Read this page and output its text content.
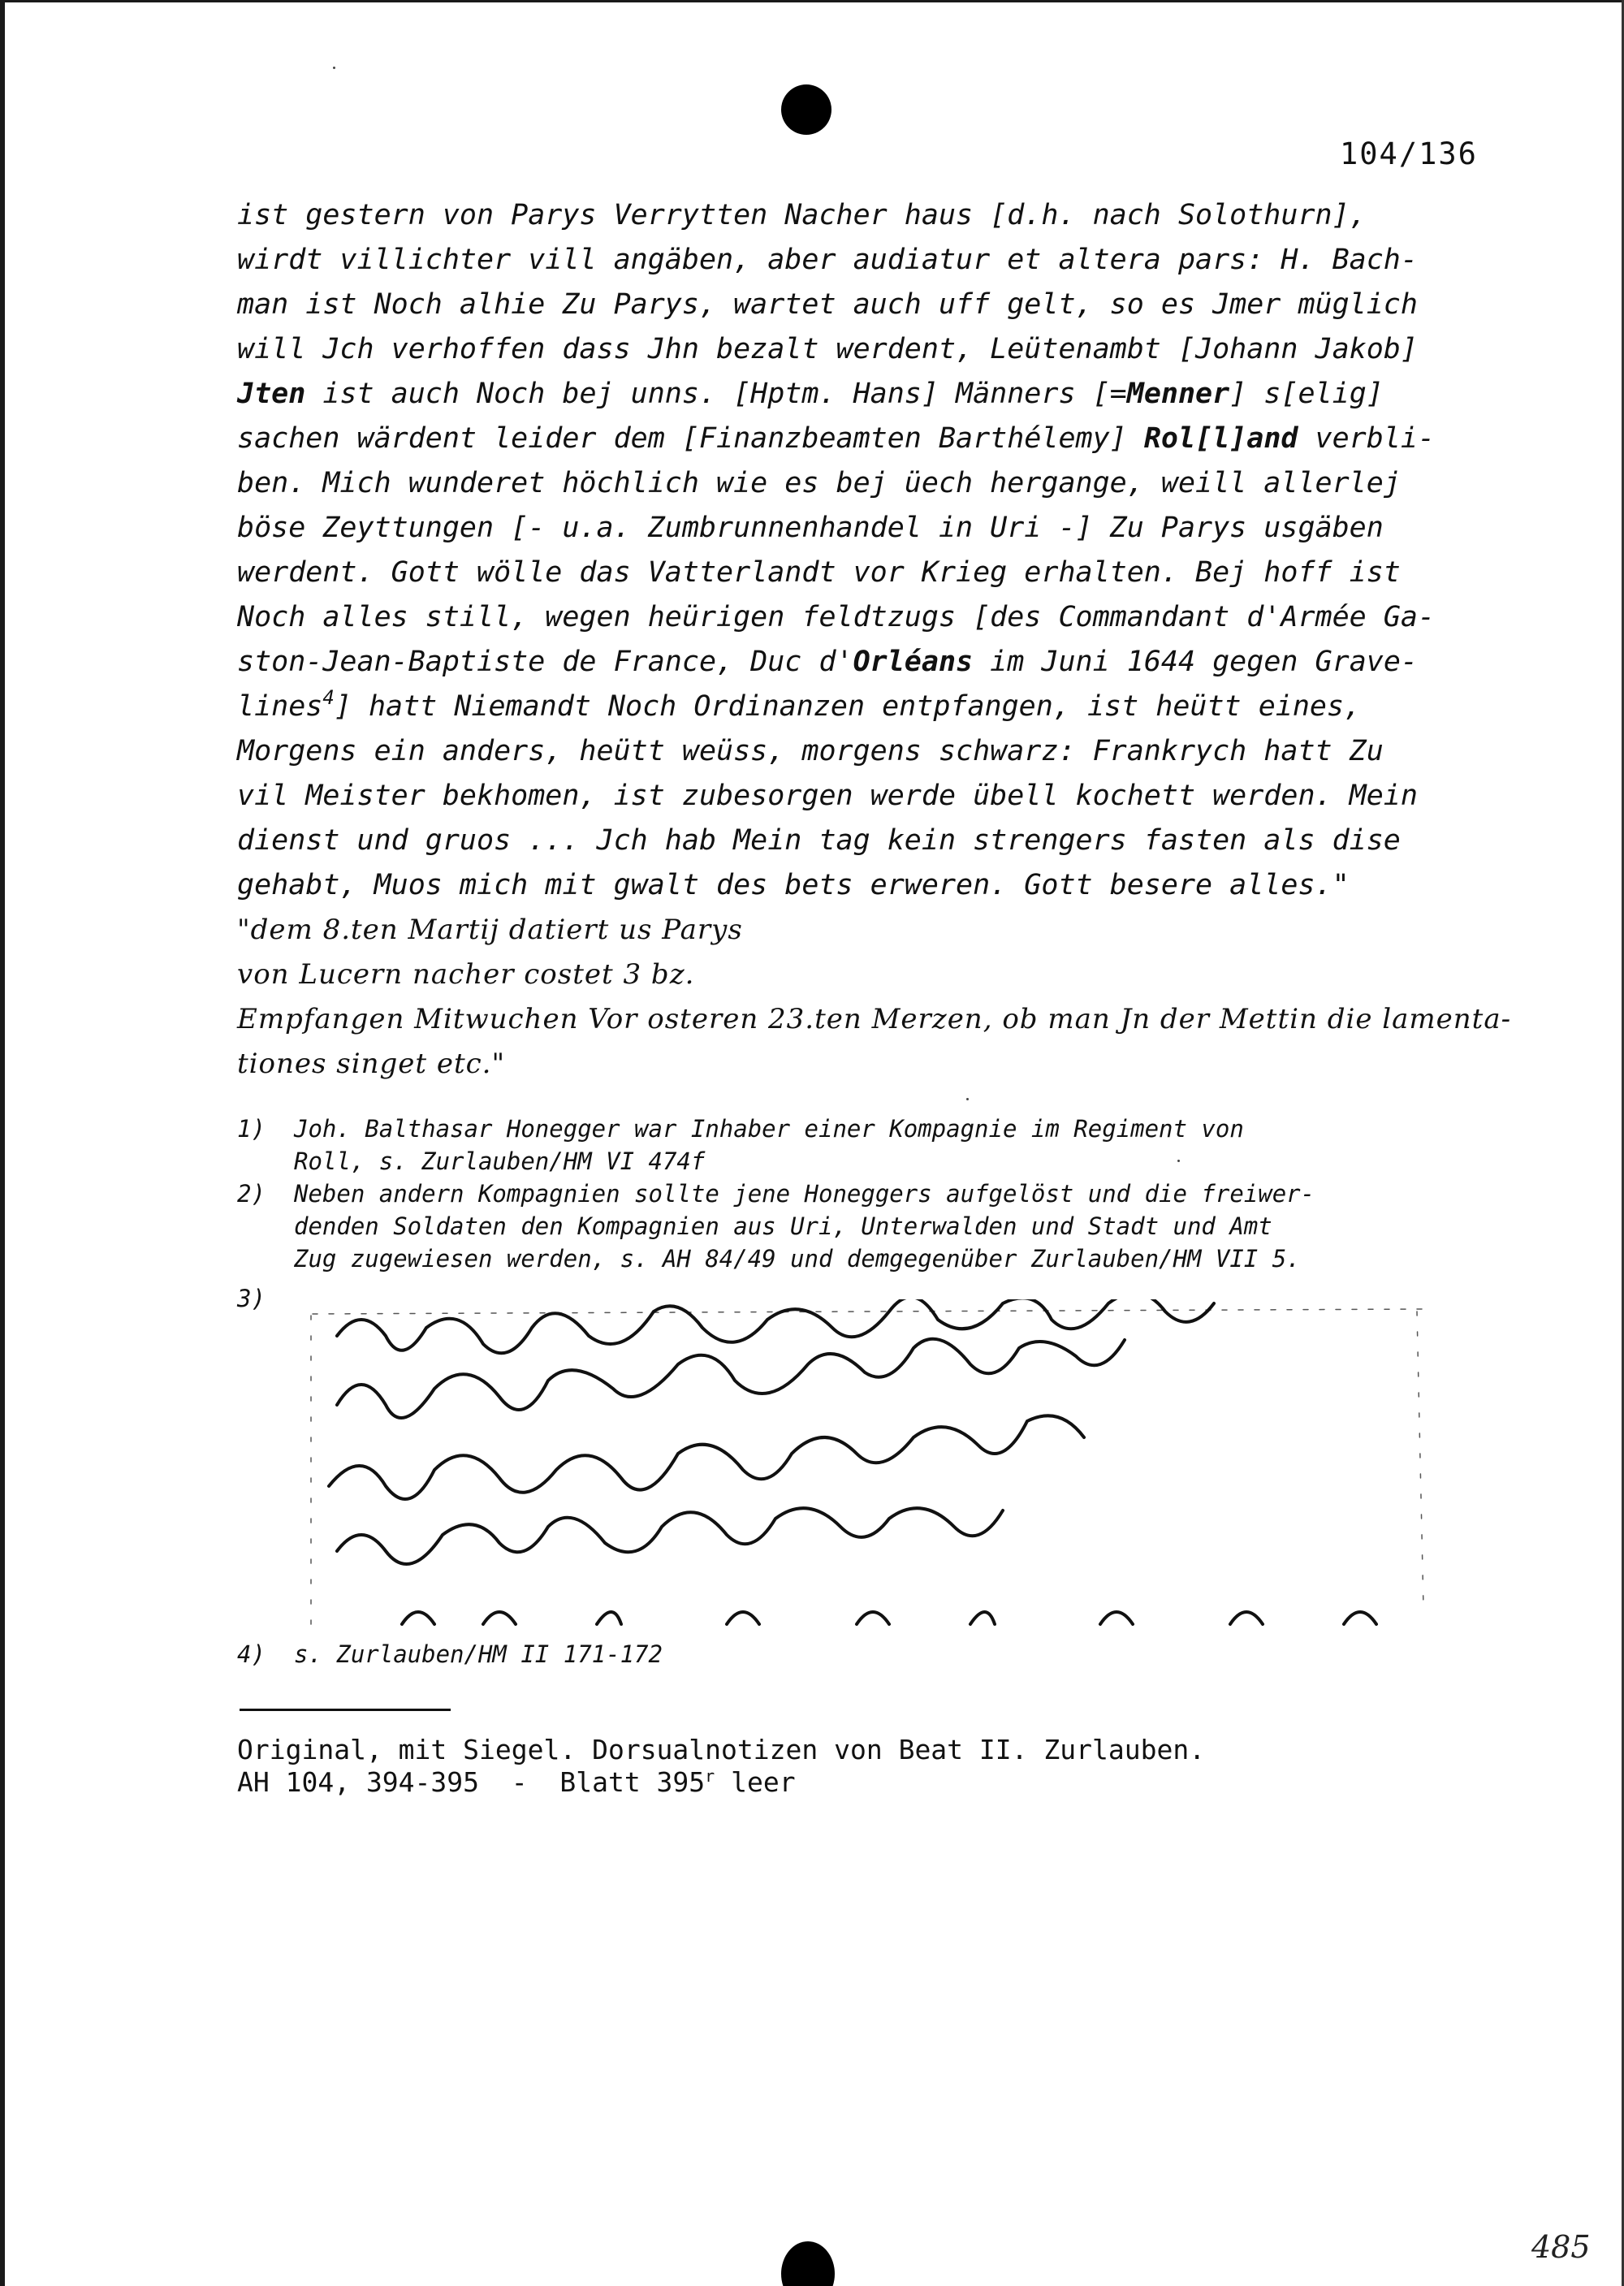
104/136
ist gestern von Parys Verrytten Nacher haus [d.h. nach Solothurn],
wirdt villichter vill angäben, aber audiatur et altera pars: H. Bach-
man ist Noch alhie Zu Parys, wartet auch uff gelt, so es Jmer müglich
will Jch verhoffen dass Jhn bezalt werdent, Leütenambt [Johann Jakob]
Jten ist auch Noch bej unns. [Hptm. Hans] Männers [=Menner] s[elig]
sachen wärdent leider dem [Finanzbeamten Barthélemy] Rol[l]and verbli-
ben. Mich wunderet höchlich wie es bej üech hergange, weill allerlej
böse Zeyttungen [- u.a. Zumbrunnenhandel in Uri -] Zu Parys usgäben
werdent. Gott wölle das Vatterlandt vor Krieg erhalten. Bej hoff ist
Noch alles still, wegen heürigen feldtzugs [des Commandant d'Armée Ga-
ston-Jean-Baptiste de France, Duc d'Orléans im Juni 1644 gegen Grave-
lines$^4$] hatt Niemandt Noch Ordinanzen entpfangen, ist heütt eines,
Morgens ein anders, heütt weüss, morgens schwarz: Frankrych hatt Zu
vil Meister bekhomen, ist zubesorgen werde übell kochett werden. Mein
dienst und gruos ... Jch hab Mein tag kein strengers fasten als dise
gehabt, Muos mich mit gwalt des bets erweren. Gott besere alles."
"dem 8.ten Martij datiert us Parys
von Lucern nacher costet 3 bz.
Empfangen Mitwuchen Vor osteren 23.ten Merzen, ob man Jn der Mettin die lamenta-
tiones singet etc."
1)	Joh. Balthasar Honegger war Inhaber einer Kompagnie im Regiment von
Roll, s. Zurlauben/HM VI 474f
2)	Neben andern Kompagnien sollte jene Honeggers aufgelöst und die freiwer-
denden Soldaten den Kompagnien aus Uri, Unterwalden und Stadt und Amt
Zug zugewiesen werden, s. AH 84/49 und demgegenüber Zurlauben/HM VII 5.
3)
4)	s. Zurlauben/HM II 171-172
Original, mit Siegel. Dorsualnotizen von Beat II. Zurlauben.
AH 104, 394-395  -  Blatt 395$^r$ leer
485
